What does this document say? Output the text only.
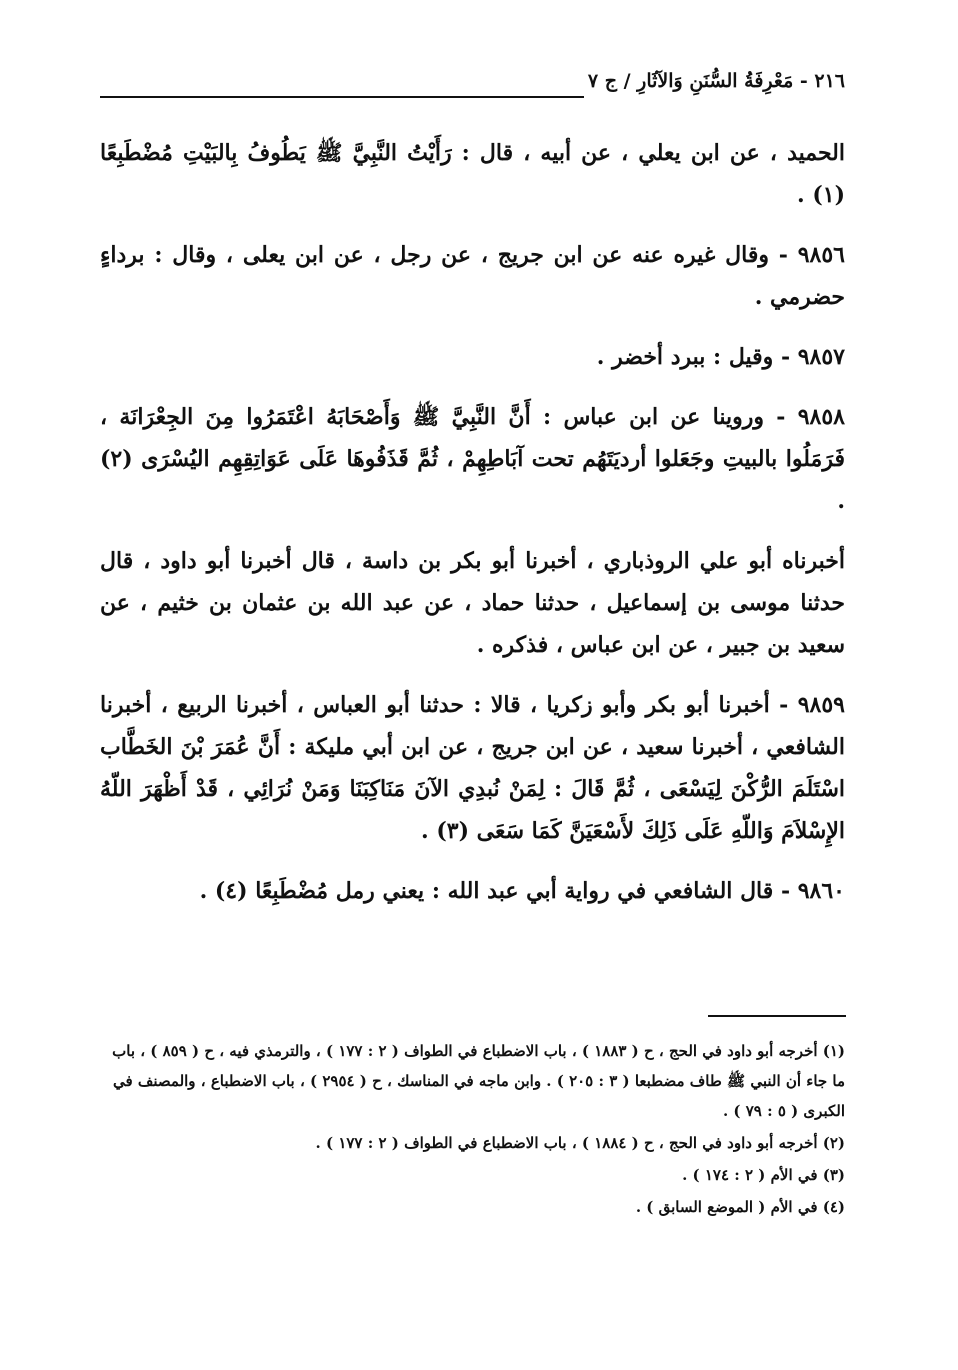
٢١٦ - مَعْرِفَةُ السُّنَنِ وَالآثَارِ / ج ٧

الحميد ، عن ابن يعلي ، عن أبيه ، قال : رَأَيْتُ النَّبِيَّ ﷺ يَطُوفُ بِالبَيْتِ مُضْطَبِعًا (١) .

٩٨٥٦ - وقال غيره عنه عن ابن جريج ، عن رجل ، عن ابن يعلى ، وقال : برداءٍ حضرمي .

٩٨٥٧ - وقيل : ببرد أخضر .

٩٨٥٨ - وروينا عن ابن عباس : أَنَّ النَّبِيَّ ﷺ وَأَصْحَابَهُ اعْتَمَرُوا مِنَ الجِعْرَانَة ، فَرَمَلُوا بالبيتِ وجَعَلوا أرديَتَهُم تحت آبَاطِهِمْ ، ثُمَّ قَذَفُوهَا عَلَى عَوَاتِقِهِم اليُسْرَى (٢) .

أخبرناه أبو علي الروذباري ، أخبرنا أبو بكر بن داسة ، قال أخبرنا أبو داود ، قال حدثنا موسى بن إسماعيل ، حدثنا حماد ، عن عبد الله بن عثمان بن خثيم ، عن سعيد بن جبير ، عن ابن عباس ، فذكره .

٩٨٥٩ - أخبرنا أبو بكر وأبو زكريا ، قالا : حدثنا أبو العباس ، أخبرنا الربيع ، أخبرنا الشافعي ، أخبرنا سعيد ، عن ابن جريج ، عن ابن أبي مليكة : أَنَّ عُمَرَ بْنَ الخَطَّاب اسْتَلَمَ الرُّكْنَ لِيَسْعَى ، ثُمَّ قَالَ : لِمَنْ نُبدِي الآنَ مَنَاكِبَنَا وَمَنْ نُرَائِي ، قَدْ أَظْهَرَ اللّهُ الإِسْلاَمَ وَاللّهِ عَلَى ذَلِكَ لأَسْعَيَنَّ كَمَا سَعَى (٣) .

٩٨٦٠ - قال الشافعي في رواية أبي عبد الله : يعني رمل مُضْطَبِعًا (٤) .

(١) أخرجه أبو داود في الحج ، ح ( ١٨٨٣ ) ، باب الاضطباع في الطواف ( ٢ : ١٧٧ ) ، والترمذي فيه ، ح ( ٨٥٩ ) ، باب ما جاء أن النبي ﷺ طاف مضطبعا ( ٣ : ٢٠٥ ) . وابن ماجه في المناسك ، ح ( ٢٩٥٤ ) ، باب الاضطباع ، والمصنف في الكبرى ( ٥ : ٧٩ ) .

(٢) أخرجه أبو داود في الحج ، ح ( ١٨٨٤ ) ، باب الاضطباع في الطواف ( ٢ : ١٧٧ ) .

(٣) في الأم ( ٢ : ١٧٤ ) .

(٤) في الأم ( الموضع السابق ) .
